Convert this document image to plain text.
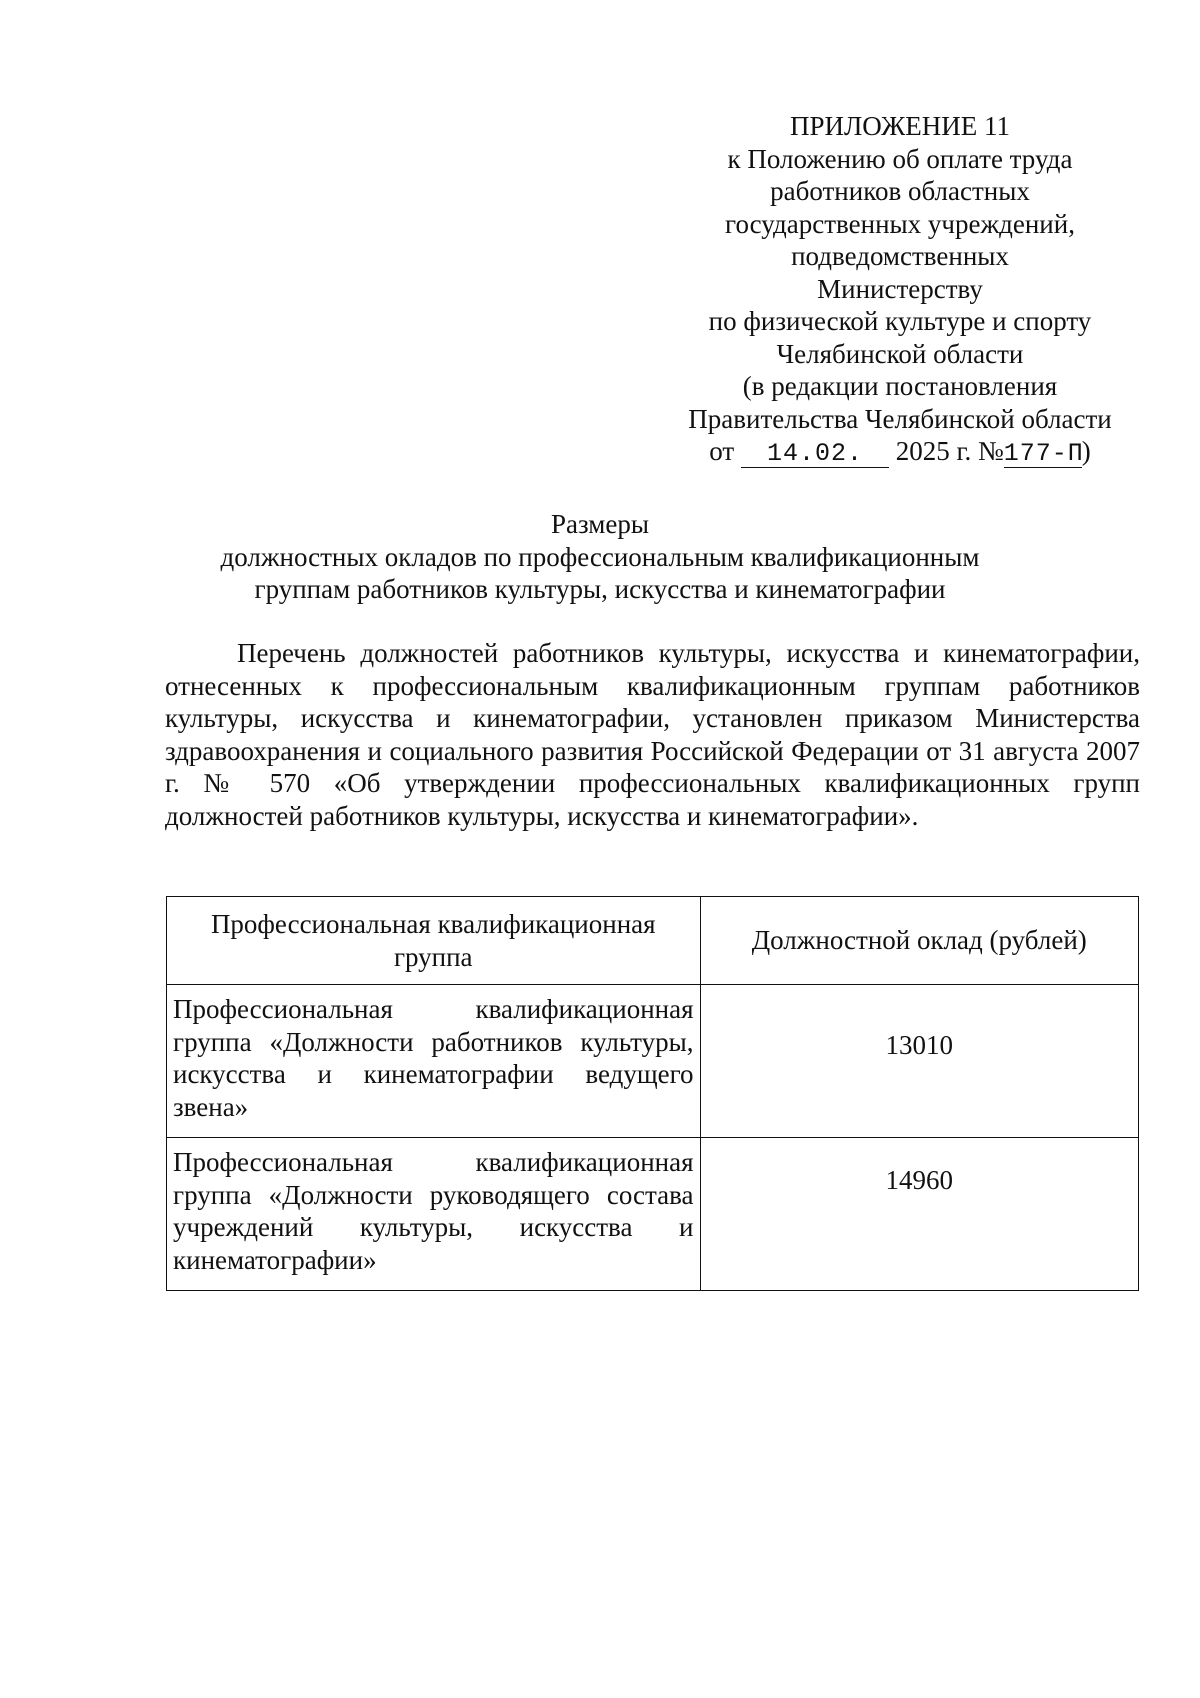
ПРИЛОЖЕНИЕ 11
к Положению об оплате труда
работников областных
государственных учреждений,
подведомственных
Министерству
по физической культуре и спорту
Челябинской области
(в редакции постановления
Правительства Челябинской области
от 14.02. 2025 г. №177-П)
Размеры
должностных окладов по профессиональным квалификационным
группам работников культуры, искусства и кинематографии
Перечень должностей работников культуры, искусства и кинематографии, отнесенных к профессиональным квалификационным группам работников культуры, искусства и кинематографии, установлен приказом Министерства здравоохранения и социального развития Российской Федерации от 31 августа 2007 г. № 570 «Об утверждении профессиональных квалификационных групп должностей работников культуры, искусства и кинематографии».
Профессиональная квалификационная группа	Должностной оклад (рублей)
Профессиональная квалификационная группа «Должности работников культуры, искусства и кинематографии ведущего звена»	13010
Профессиональная квалификационная группа «Должности руководящего состава учреждений культуры, искусства и кинематографии»	14960
